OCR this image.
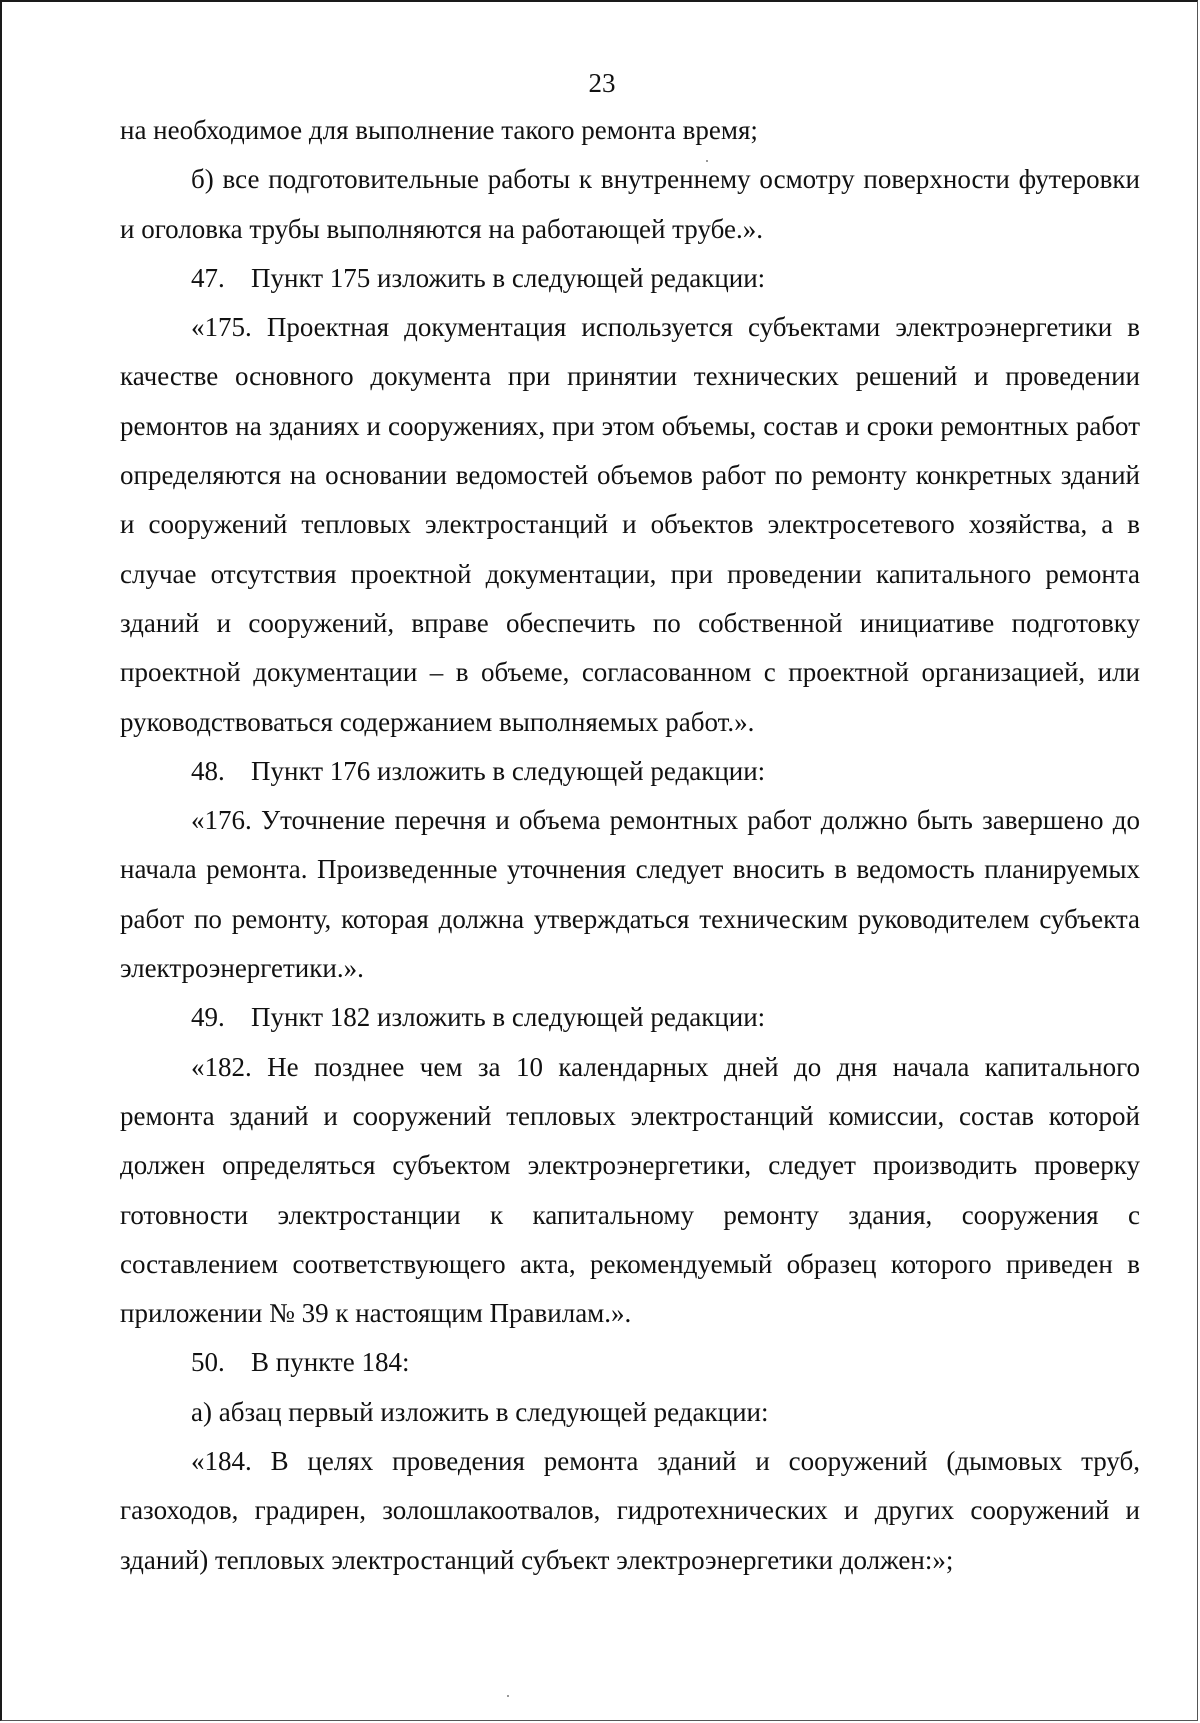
23

на необходимое для выполнение такого ремонта время;

б) все подготовительные работы к внутреннему осмотру поверхности футеровки и оголовка трубы выполняются на работающей трубе.».

47. Пункт 175 изложить в следующей редакции:

«175. Проектная документация используется субъектами электроэнергетики в качестве основного документа при принятии технических решений и проведении ремонтов на зданиях и сооружениях, при этом объемы, состав и сроки ремонтных работ определяются на основании ведомостей объемов работ по ремонту конкретных зданий и сооружений тепловых электростанций и объектов электросетевого хозяйства, а в случае отсутствия проектной документации, при проведении капитального ремонта зданий и сооружений, вправе обеспечить по собственной инициативе подготовку проектной документации – в объеме, согласованном с проектной организацией, или руководствоваться содержанием выполняемых работ.».

48. Пункт 176 изложить в следующей редакции:

«176. Уточнение перечня и объема ремонтных работ должно быть завершено до начала ремонта. Произведенные уточнения следует вносить в ведомость планируемых работ по ремонту, которая должна утверждаться техническим руководителем субъекта электроэнергетики.».

49. Пункт 182 изложить в следующей редакции:

«182. Не позднее чем за 10 календарных дней до дня начала капитального ремонта зданий и сооружений тепловых электростанций комиссии, состав которой должен определяться субъектом электроэнергетики, следует производить проверку готовности электростанции к капитальному ремонту здания, сооружения с составлением соответствующего акта, рекомендуемый образец которого приведен в приложении № 39 к настоящим Правилам.».

50. В пункте 184:

а) абзац первый изложить в следующей редакции:

«184. В целях проведения ремонта зданий и сооружений (дымовых труб, газоходов, градирен, золошлакоотвалов, гидротехнических и других сооружений и зданий) тепловых электростанций субъект электроэнергетики должен:»;
